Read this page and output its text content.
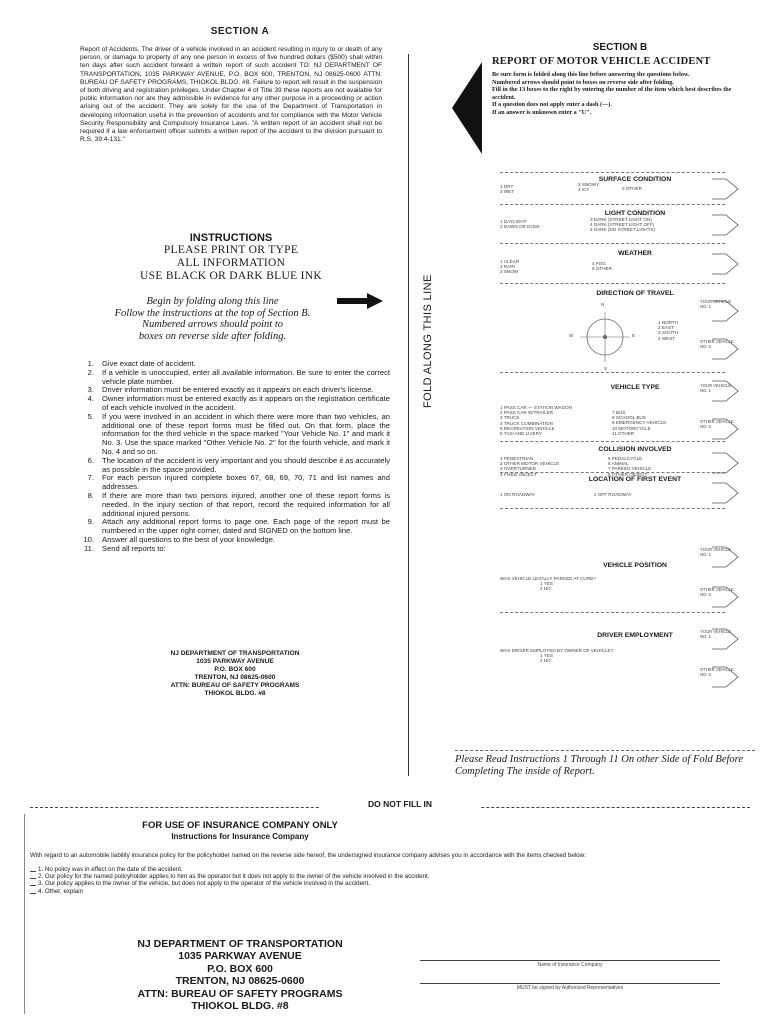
SECTION A
Report of Accidents. The driver of a vehicle involved in an accident resulting in injury to or death of any person, or damage to property of any one person in excess of five hundred dollars ($500) shall within ten days after such accident forward a written report of such accident TO: NJ DEPARTMENT OF TRANSPORTATION, 1035 PARKWAY AVENUE, P.O. BOX 600, TRENTON, NJ 08625-0600 ATTN: BUREAU OF SAFETY PROGRAMS, THIOKOL BLDG. #8. Failure to report will result in the suspension of both driving and registration privileges. Under Chapter 4 of Title 39 these reports are not available for public information nor are they admissible in evidence for any other purpose in a proceeding or action arising out of the accident. They are solely for the use of the Department of Transportation in developing information useful in the prevention of accidents and for compliance with the Motor Vehicle Security Responsibility and Compulsory Insurance Laws. "A written report of an accident shall not be required if a law enforcement officer submits a written report of the accident to the division pursuant to R.S. 39:4-131."
INSTRUCTIONS
PLEASE PRINT OR TYPE
ALL INFORMATION
USE BLACK OR DARK BLUE INK
Begin by folding along this line
Follow the instructions at the top of Section B.
Numbered arrows should point to
boxes on reverse side after folding.
1. Give exact date of accident.
2. If a vehicle is unoccupied, enter all available information. Be sure to enter the correct vehicle plate number.
3. Driver information must be entered exactly as it appears on each driver's license.
4. Owner information must be entered exactly as it appears on the registration certificate of each vehicle involved in the accident.
5. If you were involved in an accident in which there were more than two vehicles, an additional one of these report forms must be filled out. On that form, place the information for the third vehicle in the space marked "Your Vehicle No. 1" and mark it No. 3. Use the space marked "Other Vehicle No. 2" for the fourth vehicle, and mark it No. 4 and so on.
6. The location of the accident is very important and you should describe it as accurately as possible in the space provided.
7. For each person injured complete boxes 67, 68, 69, 70, 71 and list names and addresses.
8. If there are more than two persons injured, another one of these report forms is needed. In the injury section of that report, record the required information for all additional injured persons.
9. Attach any additional report forms to page one. Each page of the report must be numbered in the upper right corner, dated and SIGNED on the bottom line.
10. Answer all questions to the best of your knowledge.
11. Send all reports to:
NJ DEPARTMENT OF TRANSPORTATION
1035 PARKWAY AVENUE
P.O. BOX 600
TRENTON, NJ 08625-0600
ATTN: BUREAU OF SAFETY PROGRAMS
THIOKOL BLDG. #8
FOLD ALONG THIS LINE
SECTION B
REPORT OF MOTOR VEHICLE ACCIDENT

Be sure form is folded along this line before answering the questions below.

Numbered arrows should point to boxes on reverse side after folding.

Fill in the 13 boxes to the right by entering the number of the item which best describes the accident.

If a question does not apply enter a dash (—).

If an answer is unknown enter a "U".

SURFACE CONDITION
1 DRY
2 WET
3 SNOWY
4 ICY	5 OTHER
LIGHT CONDITION
1 DAYLIGHT
2 DAWN OR DUSK
3 DARK (STREET LIGHT ON)
4 DARK (STREET LIGHT OFF)
5 DARK (NO STREET LIGHTS)
WEATHER
1 CLEAR
2 RAIN
3 SNOW
4 FOG
5 OTHER
DIRECTION OF TRAVEL
N
W	E
S
1 NORTH
2 EAST
3 SOUTH
4 WEST
YOUR VEHICLE NO. 1
OTHER VEHICLE NO. 2
VEHICLE TYPE
1 PASS CAR — STATION WAGON
2 PASS CAR W/TRAILER
3 TRUCK
4 TRUCK COMBINATION
5 RECREATION VEHICLE
6 TAXI AND LIVERY
7 BUS
8 SCHOOL BUS
9 EMERGENCY VEHICLE
10 MOTORCYCLE
11 OTHER
YOUR VEHICLE NO. 1
OTHER VEHICLE NO. 2
COLLISION INVOLVED
1 PEDESTRIAN
2 OTHER MOTOR VEHICLE
3 OVERTURNED
4 FIXED OBJECT
5 PEDALCYCLE
6 ANIMAL
7 PARKED VEHICLE
8 OTHER OBJECT
LOCATION OF FIRST EVENT
1 ON ROADWAY	2 OFF ROADWAY
VEHICLE POSITION
WAS VEHICLE LEGALLY PARKED AT CURB?
1 YES
2 NO
YOUR VEHICLE NO. 1
OTHER VEHICLE NO. 2
DRIVER EMPLOYMENT
WAS DRIVER EMPLOYED BY OWNER OF VEHICLE?
1 YES
2 NO
YOUR VEHICLE NO. 1
OTHER VEHICLE NO. 2
Please Read Instructions 1 Through 11 On other Side of Fold Before Completing The inside of Report.
DO NOT FILL IN
FOR USE OF INSURANCE COMPANY ONLY
Instructions for Insurance Company
With regard to an automobile liability insurance policy for the policyholder named on the reverse side hereof, the undersigned insurance company advises you in accordance with the items checked below:
1. No policy was in effect on the date of the accident.
2. Our policy for the named policyholder applies to him as the operator but it does not apply to the owner of the vehicle involved in the accident.
3. Our policy applies to the owner of the vehicle, but does not apply to the operator of the vehicle involved in the accident.
4. Other, explain
NJ DEPARTMENT OF TRANSPORTATION
1035 PARKWAY AVENUE
P.O. BOX 600
TRENTON, NJ 08625-0600
ATTN: BUREAU OF SAFETY PROGRAMS
THIOKOL BLDG. #8
Name of Insurance Company
MUST be signed by Authorized Representatives
